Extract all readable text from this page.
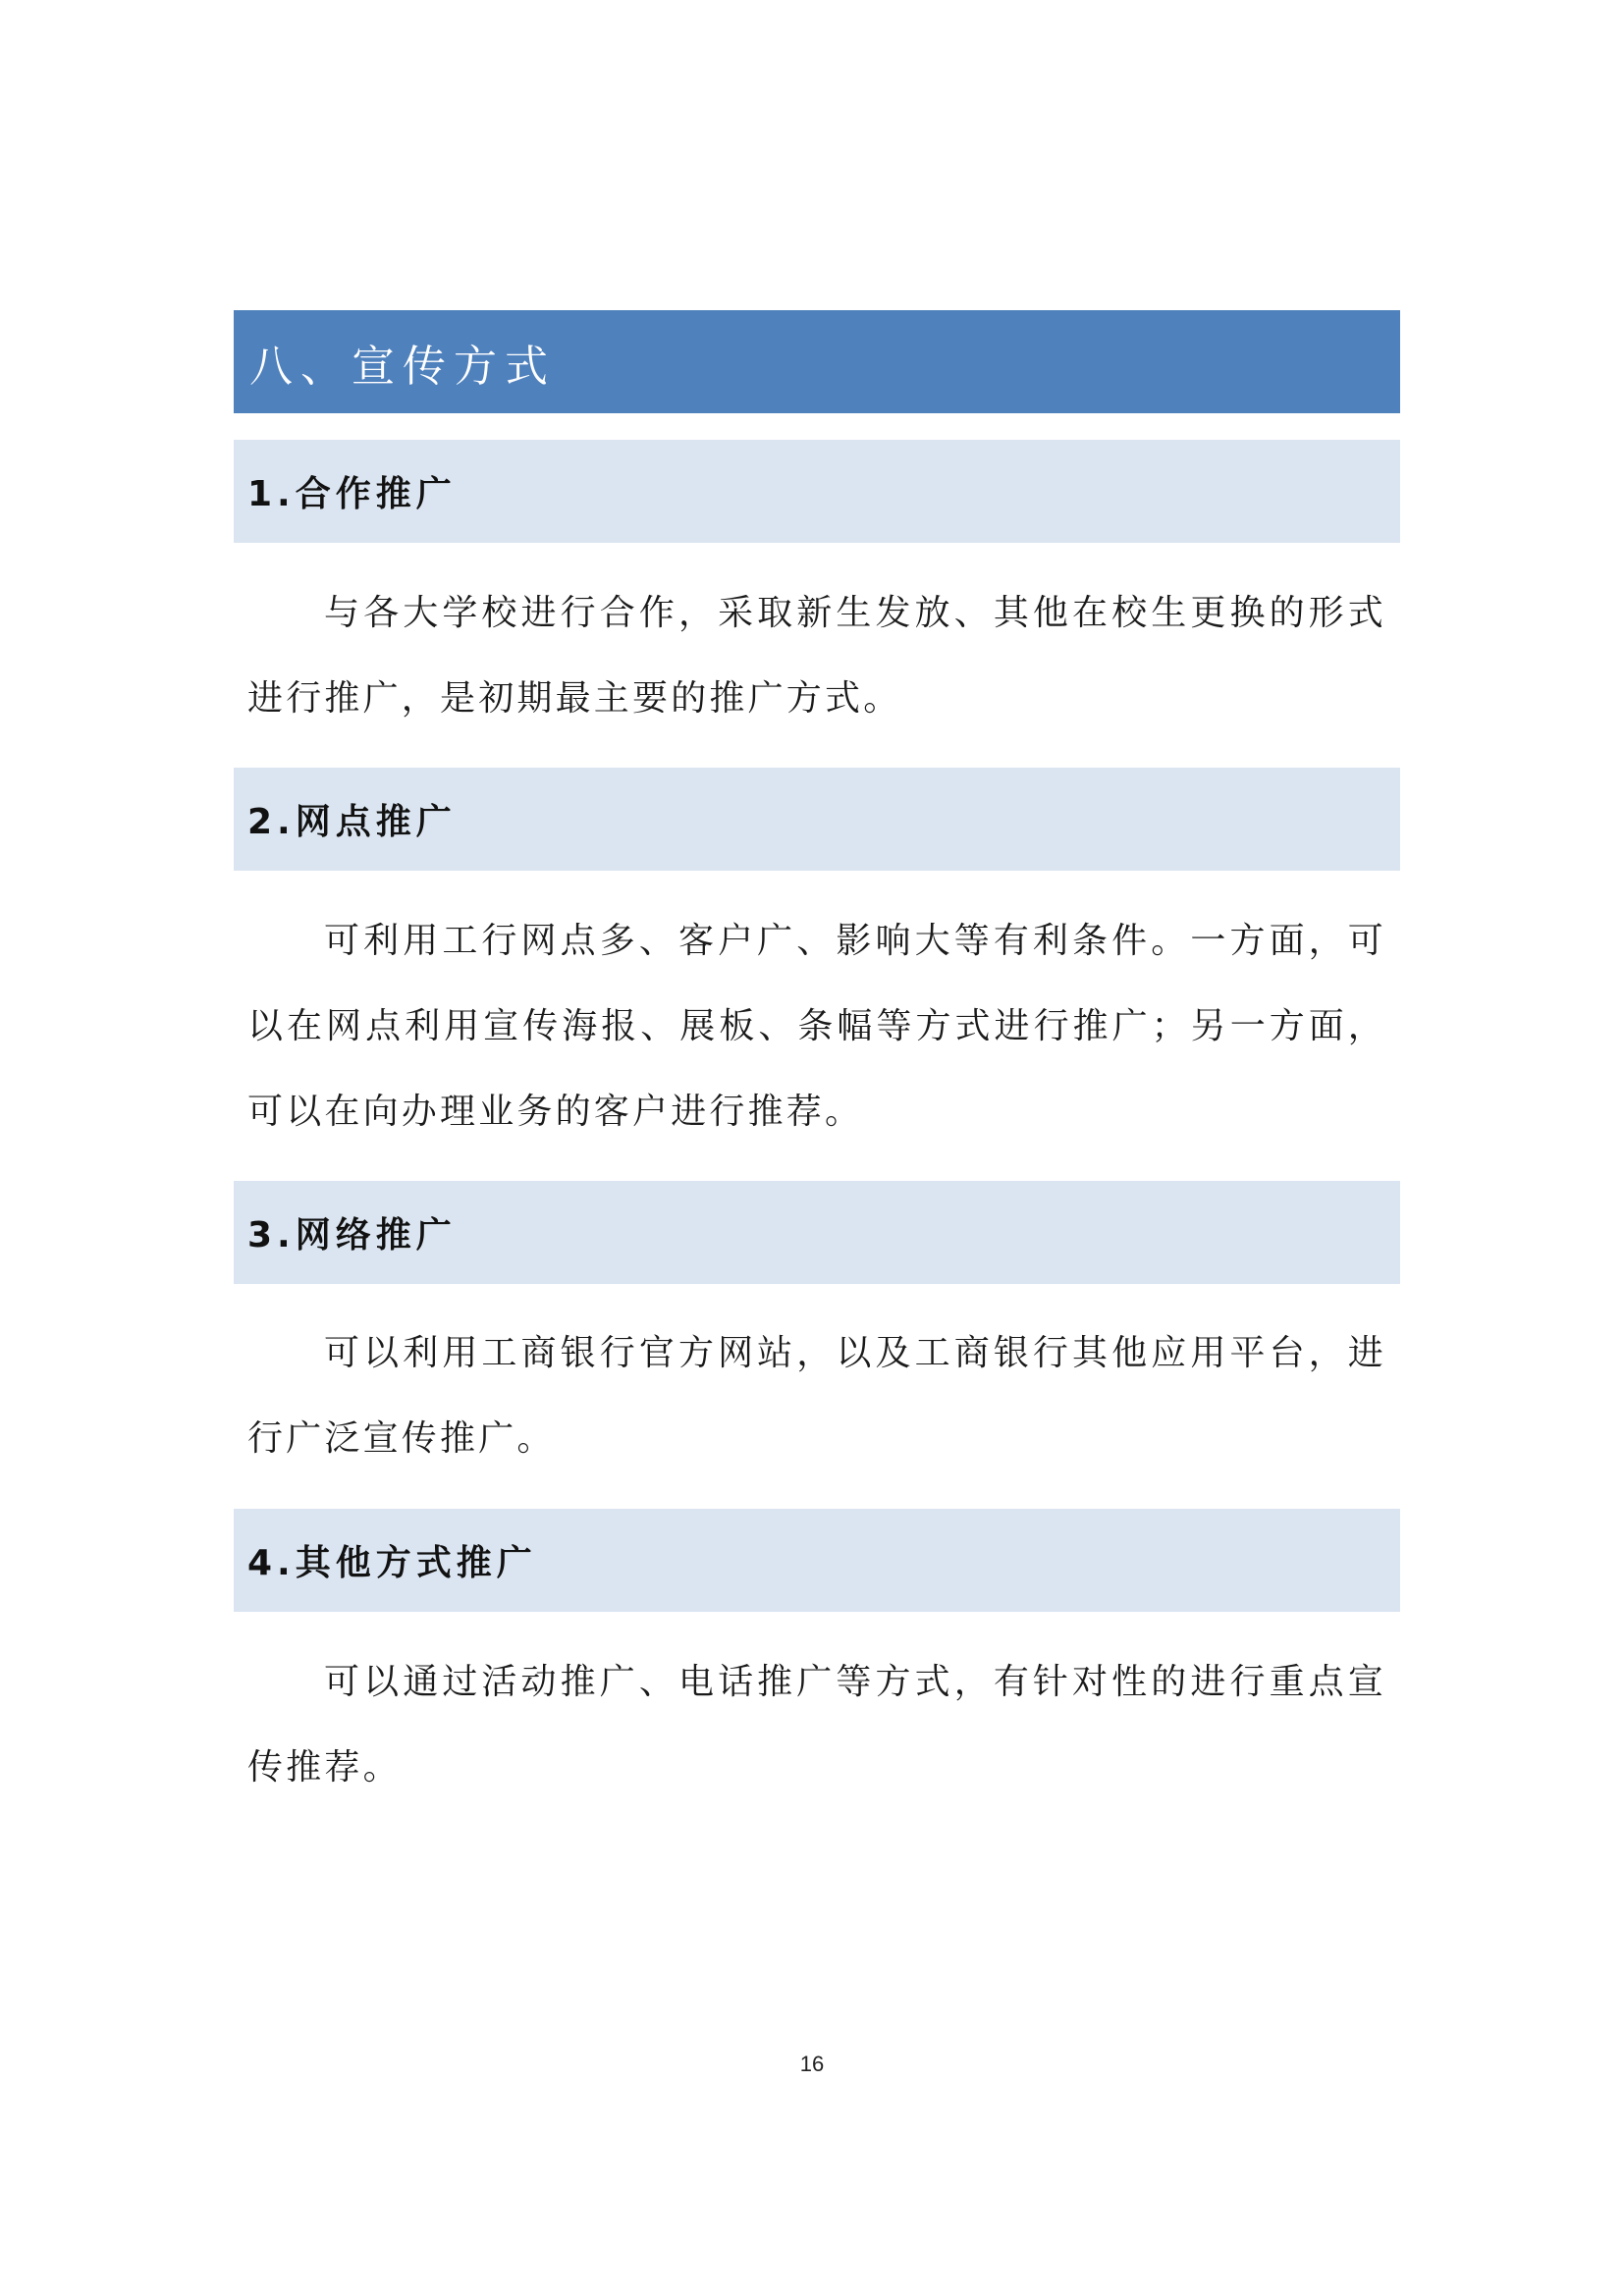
八、宣传方式
1.合作推广

与各大学校进行合作，采取新生发放、其他在校生更换的形式进行推广，是初期最主要的推广方式。

2.网点推广

可利用工行网点多、客户广、影响大等有利条件。一方面，可以在网点利用宣传海报、展板、条幅等方式进行推广；另一方面，可以在向办理业务的客户进行推荐。

3.网络推广

可以利用工商银行官方网站，以及工商银行其他应用平台，进行广泛宣传推广。

4.其他方式推广

可以通过活动推广、电话推广等方式，有针对性的进行重点宣传推荐。

16
